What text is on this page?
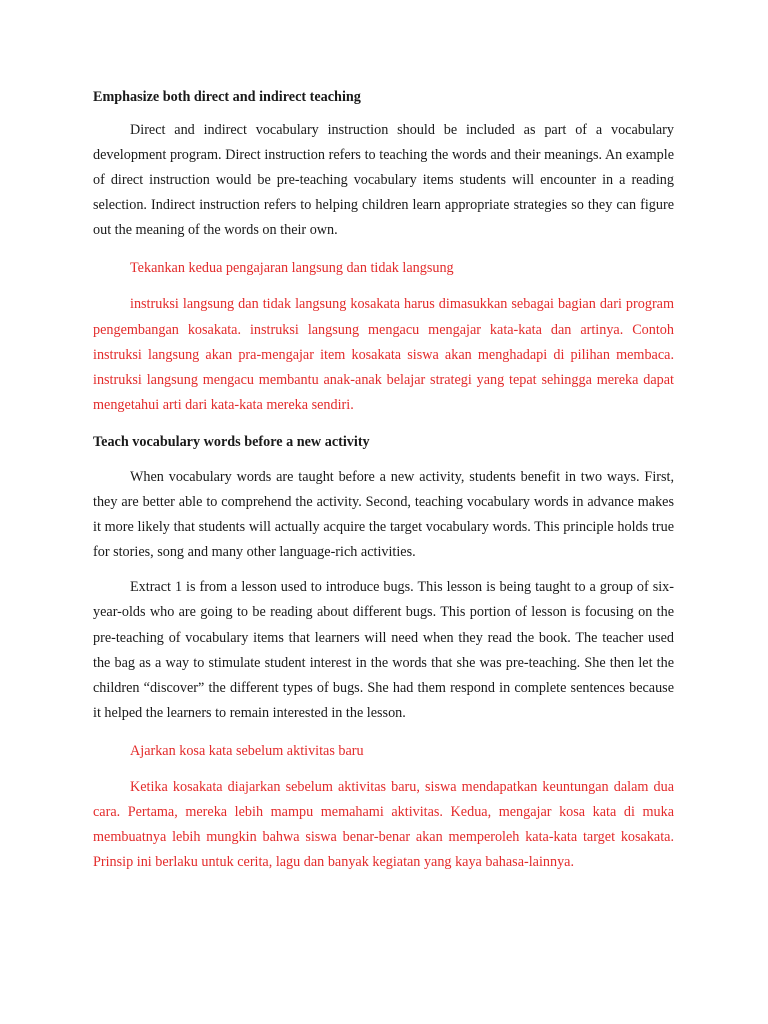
Emphasize both direct and indirect teaching

Direct and indirect vocabulary instruction should be included as part of a vocabulary development program. Direct instruction refers to teaching the words and their meanings. An example of direct instruction would be pre-teaching vocabulary items students will encounter in a reading selection. Indirect instruction refers to helping children learn appropriate strategies so they can figure out the meaning of the words on their own.

Tekankan kedua pengajaran langsung dan tidak langsung

instruksi langsung dan tidak langsung kosakata harus dimasukkan sebagai bagian dari program pengembangan kosakata. instruksi langsung mengacu mengajar kata-kata dan artinya. Contoh instruksi langsung akan pra-mengajar item kosakata siswa akan menghadapi di pilihan membaca. instruksi langsung mengacu membantu anak-anak belajar strategi yang tepat sehingga mereka dapat mengetahui arti dari kata-kata mereka sendiri.

Teach vocabulary words before a new activity

When vocabulary words are taught before a new activity, students benefit in two ways. First, they are better able to comprehend the activity. Second, teaching vocabulary words in advance makes it more likely that students will actually acquire the target vocabulary words. This principle holds true for stories, song and many other language-rich activities.

Extract 1 is from a lesson used to introduce bugs. This lesson is being taught to a group of six-year-olds who are going to be reading about different bugs. This portion of lesson is focusing on the pre-teaching of vocabulary items that learners will need when they read the book. The teacher used the bag as a way to stimulate student interest in the words that she was pre-teaching. She then let the children “discover” the different types of bugs. She had them respond in complete sentences because it helped the learners to remain interested in the lesson.

Ajarkan kosa kata sebelum aktivitas baru

Ketika kosakata diajarkan sebelum aktivitas baru, siswa mendapatkan keuntungan dalam dua cara. Pertama, mereka lebih mampu memahami aktivitas. Kedua, mengajar kosa kata di muka membuatnya lebih mungkin bahwa siswa benar-benar akan memperoleh kata-kata target kosakata. Prinsip ini berlaku untuk cerita, lagu dan banyak kegiatan yang kaya bahasa-lainnya.
